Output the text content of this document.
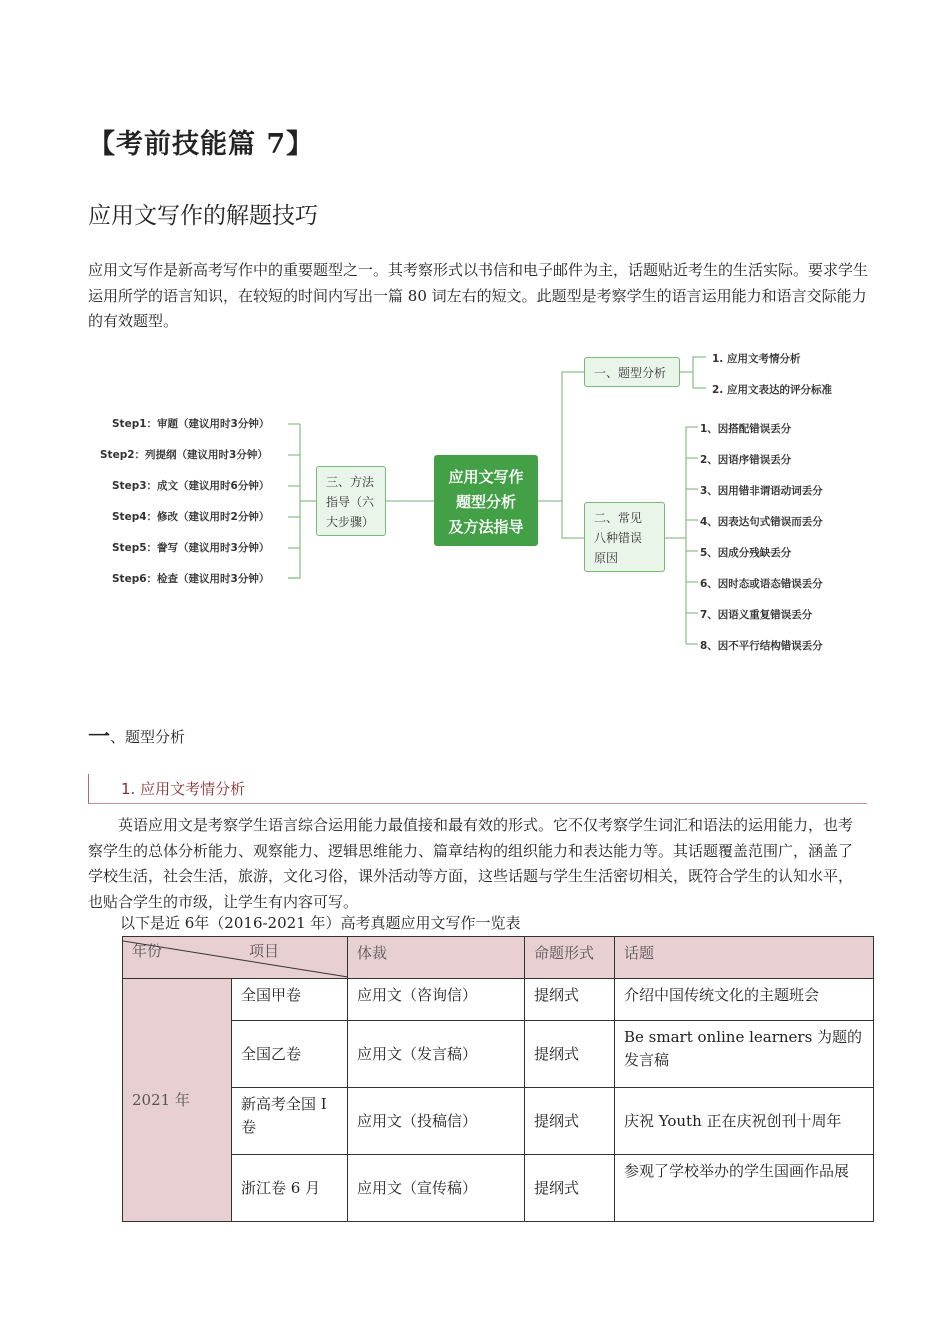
【考前技能篇 7】
应用文写作的解题技巧
应用文写作是新高考写作中的重要题型之一。其考察形式以书信和电子邮件为主，话题贴近考生的生活实际。要求学生运用所学的语言知识，在较短的时间内写出一篇 80 词左右的短文。此题型是考察学生的语言运用能力和语言交际能力的有效题型。
Step1：审题（建议用时3分钟）
Step2：列提纲（建议用时3分钟）
Step3：成文（建议用时6分钟）
Step4：修改（建议用时2分钟）
Step5：誊写（建议用时3分钟）
Step6：检查（建议用时3分钟）
三、方法
指导（六
大步骤）
应用文写作
题型分析
及方法指导
一、题型分析
1. 应用文考情分析
2. 应用文表达的评分标准
二、常见
八种错误
原因
1、因搭配错误丢分
2、因语序错误丢分
3、因用错非谓语动词丢分
4、因表达句式错误而丢分
5、因成分残缺丢分
6、因时态或语态错误丢分
7、因语义重复错误丢分
8、因不平行结构错误丢分
一、题型分析
1. 应用文考情分析
英语应用文是考察学生语言综合运用能力最值接和最有效的形式。它不仅考察学生词汇和语法的运用能力，也考察学生的总体分析能力、观察能力、逻辑思维能力、篇章结构的组织能力和表达能力等。其话题覆盖范围广，涵盖了学校生活，社会生活，旅游，文化习俗，课外活动等方面，这些话题与学生生活密切相关，既符合学生的认知水平，也贴合学生的市级，让学生有内容可写。
以下是近 6年（2016-2021 年）高考真题应用文写作一览表
年份 项目		体裁	命题形式	话题
2021 年	全国甲卷	应用文（咨询信）	提纲式	介绍中国传统文化的主题班会
	全国乙卷	应用文（发言稿）	提纲式	Be smart online learners 为题的发言稿
	新高考全国 I 卷	应用文（投稿信）	提纲式	庆祝 Youth 正在庆祝创刊十周年
	浙江卷 6 月	应用文（宣传稿）	提纲式	参观了学校举办的学生国画作品展
